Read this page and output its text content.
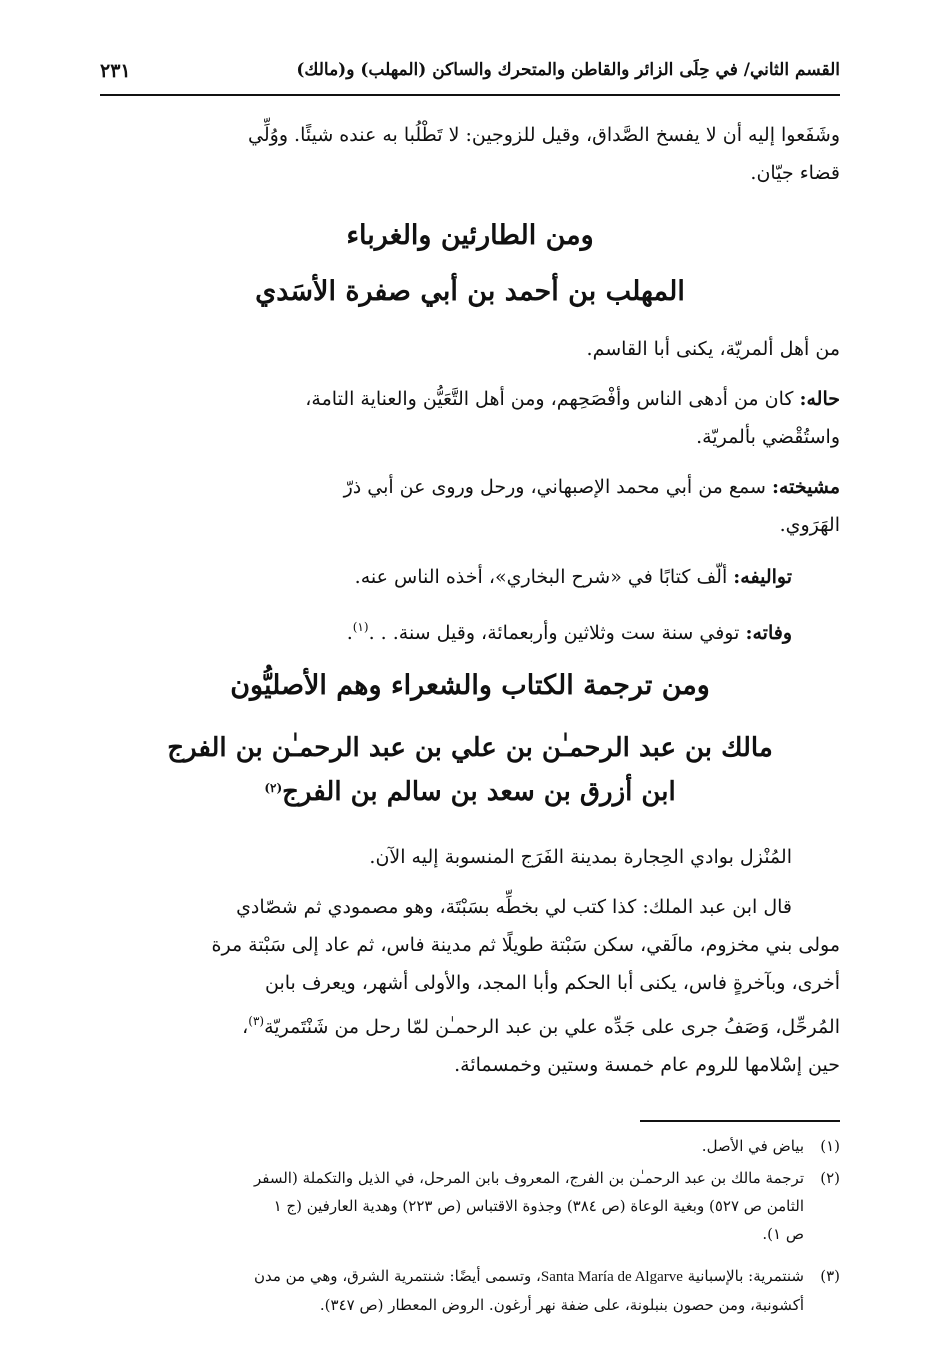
القسم الثاني/ في حِلَى الزائر والقاطن والمتحرك والساكن (المهلب) و(مالك)
٢٣١
وشَفَعوا إليه أن لا يفسخ الصَّداق، وقيل للزوجين: لا تَطْلُبا به عنده شيئًا. ووُلِّي
قضاء جيّان.
ومن الطارئين والغرباء
المهلب بن أحمد بن أبي صفرة الأسَدي
من أهل ألمريّة، يكنى أبا القاسم.
حاله: كان من أدهى الناس وأفْصَحِهم، ومن أهل التَّعَيُّن والعناية التامة،
واستُقْضي بألمريّة.
مشيخته: سمع من أبي محمد الإصبهاني، ورحل وروى عن أبي ذرّ
الهَرَوي.
تواليفه: ألّف كتابًا في «شرح البخاري»، أخذه الناس عنه.
وفاته: توفي سنة ست وثلاثين وأربعمائة، وقيل سنة. . .$^{(١)}$.
ومن ترجمة الكتاب والشعراء وهم الأصليُّون
مالك بن عبد الرحمـٰن بن علي بن عبد الرحمـٰن بن الفرج
ابن أزرق بن سعد بن سالم بن الفرج$^{(٢)}$
المُنْزل بوادي الحِجارة بمدينة الفَرَج المنسوبة إليه الآن.
قال ابن عبد الملك: كذا كتب لي بخطِّه بسَبْتَة، وهو مصمودي ثم شصّادي
مولى بني مخزوم، مالَقي، سكن سَبْتة طويلًا ثم مدينة فاس، ثم عاد إلى سَبْتة مرة
أخرى، وبآخرةٍ فاس، يكنى أبا الحكم وأبا المجد، والأولى أشهر، ويعرف بابن
المُرحِّل، وَصَفُ جرى على جَدِّه علي بن عبد الرحمـٰن لمّا رحل من شَنْتَمريّة$^{(٣)}$،
حين إسْلامها للروم عام خمسة وستين وخمسمائة.
(١)بياض في الأصل.
(٢)ترجمة مالك بن عبد الرحمـٰن بن الفرج، المعروف بابن المرحل، في الذيل والتكملة (السفر
الثامن ص ٥٢٧) وبغية الوعاة (ص ٣٨٤) وجذوة الاقتباس (ص ٢٢٣) وهدية العارفين (ج ١
ص ١).
(٣)شنتمرية: بالإسبانية Santa María de Algarve، وتسمى أيضًا: شنتمرية الشرق، وهي من مدن
أكشونبة، ومن حصون بنبلونة، على ضفة نهر أرغون. الروض المعطار (ص ٣٤٧).
